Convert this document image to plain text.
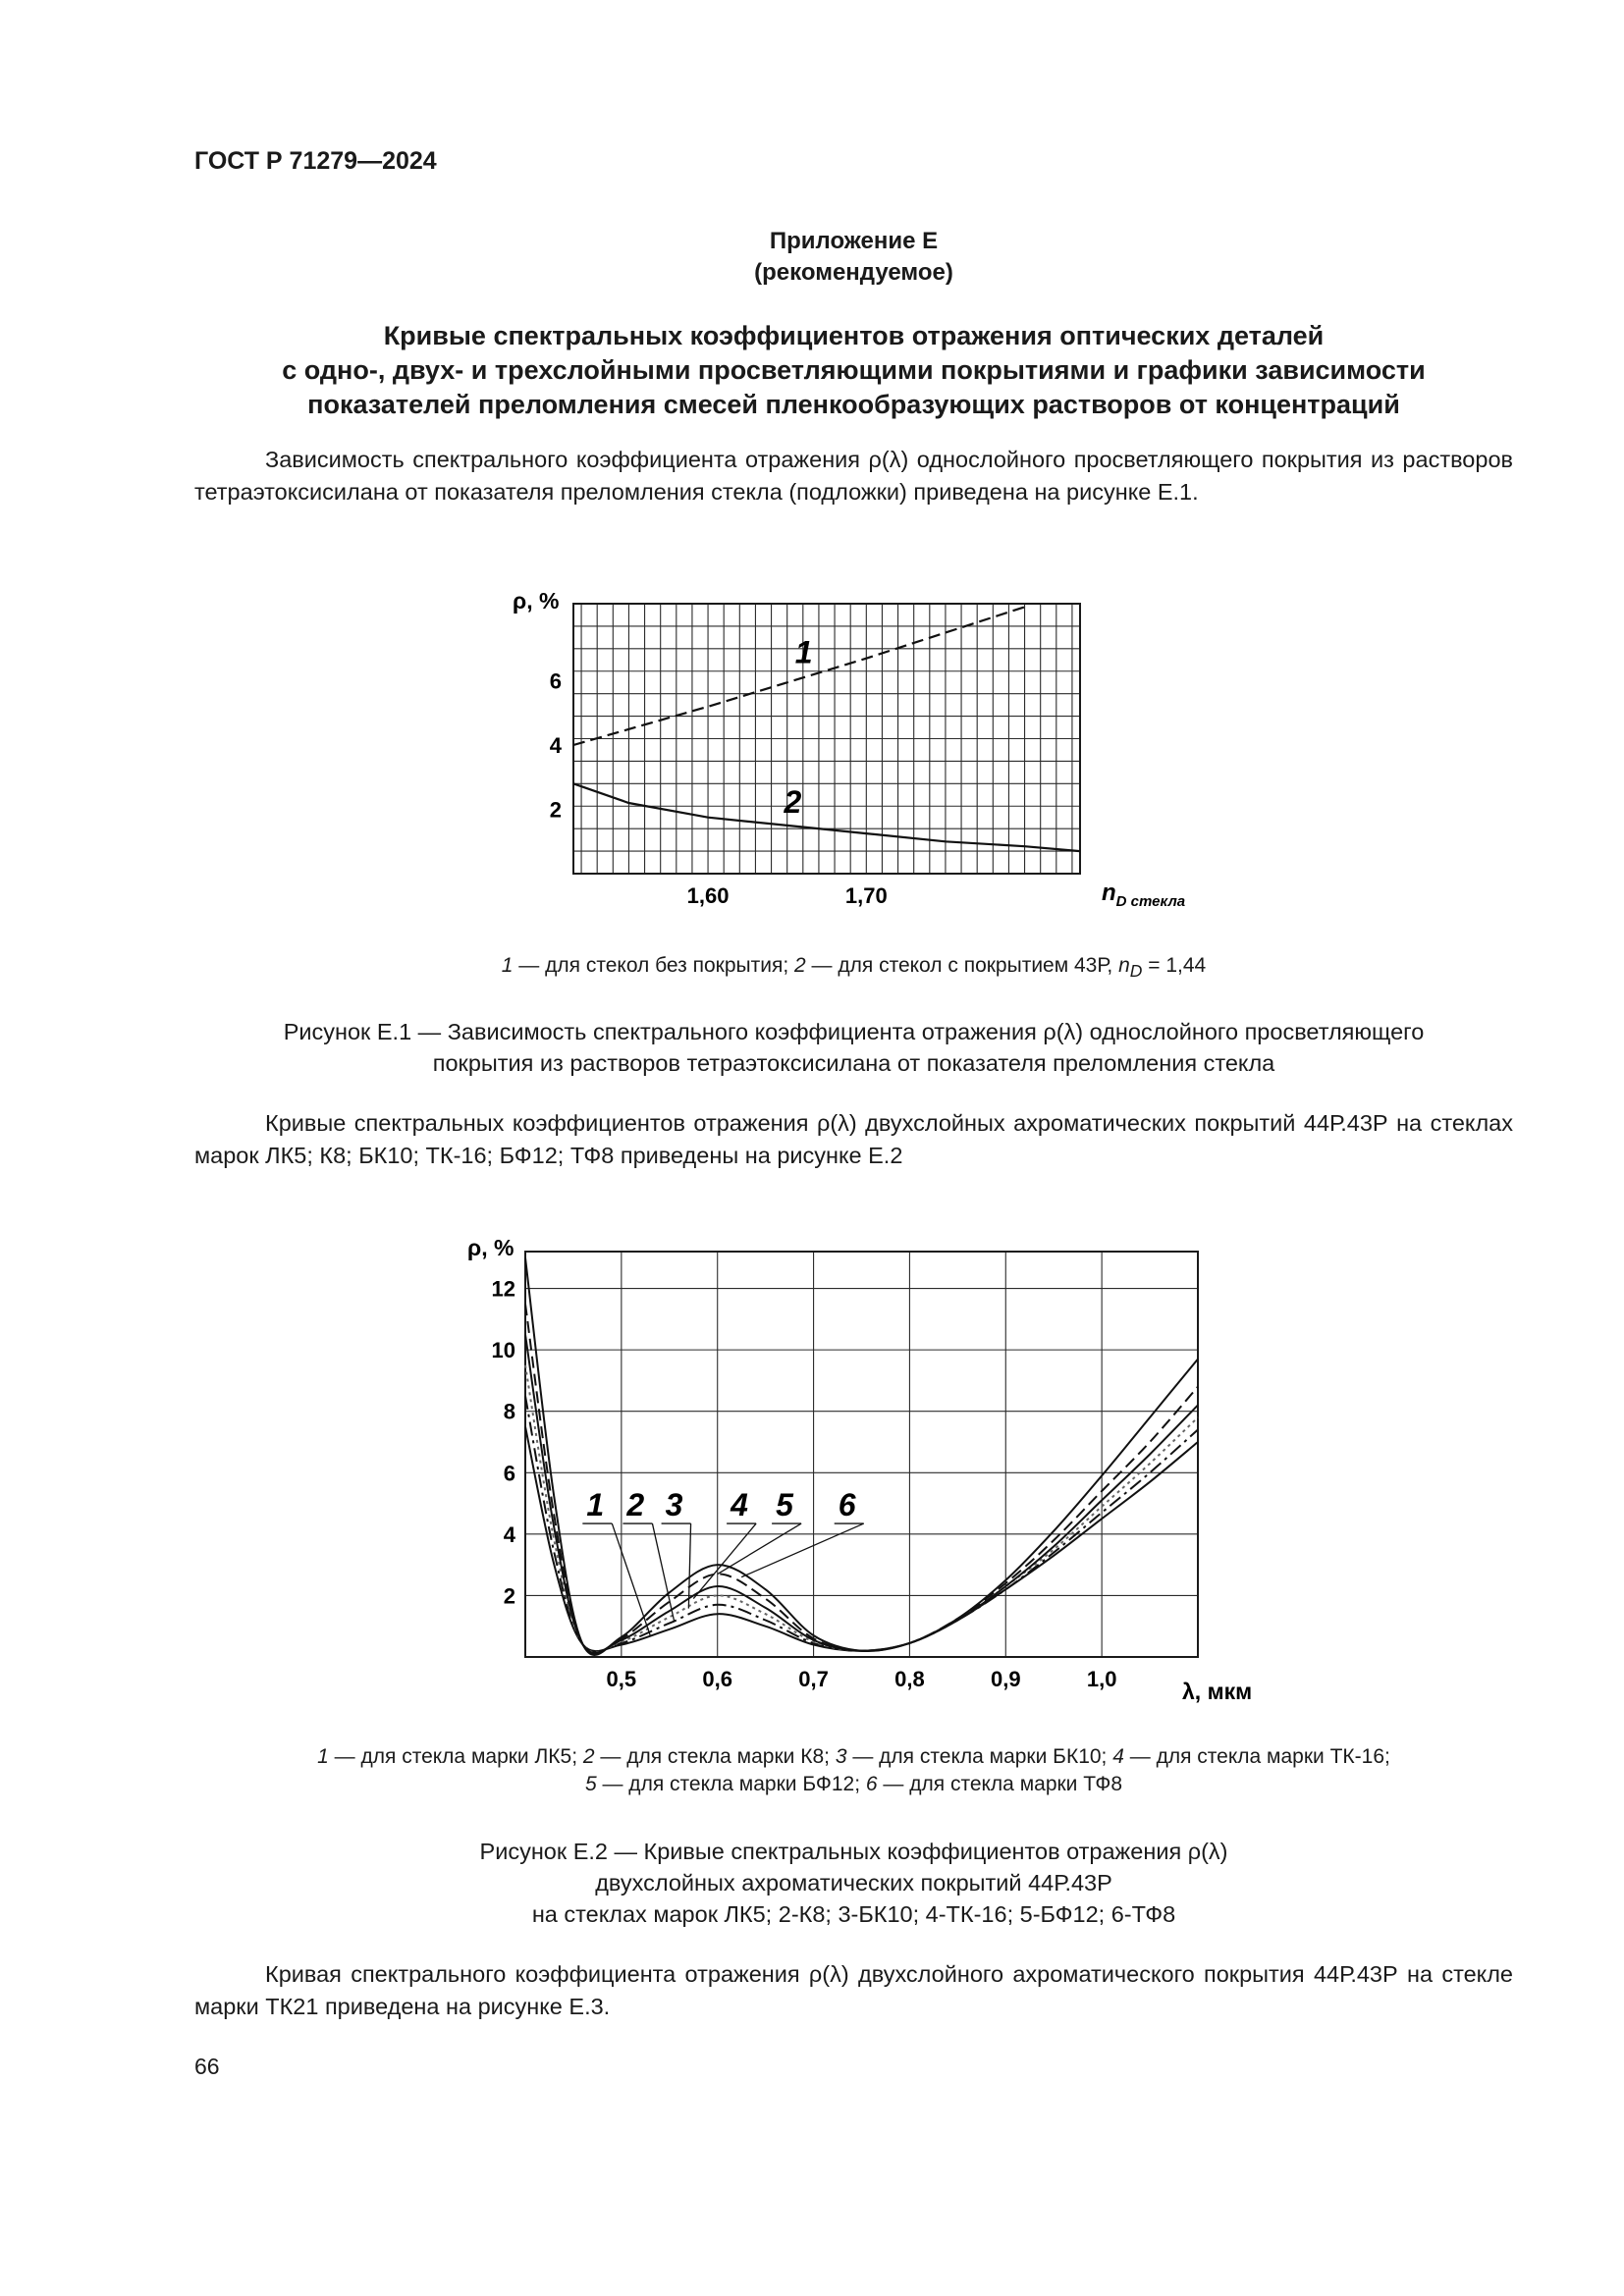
ГОСТ Р 71279—2024
Приложение Е
(рекомендуемое)
Кривые спектральных коэффициентов отражения оптических деталей
с одно-, двух- и трехслойными просветляющими покрытиями и графики зависимости
показателей преломления смесей пленкообразующих растворов от концентраций
Зависимость спектрального коэффициента отражения ρ(λ) однослойного просветляющего покрытия из растворов тетраэтоксисилана от показателя преломления стекла (подложки) приведена на рисунке Е.1.
2
4
6
1,60	1,70
ρ, %
$n_{D стекла}$
1
2
1 — для стекол без покрытия; 2 — для стекол с покрытием 43Р, $n_D = 1,44$
Рисунок Е.1 — Зависимость спектрального коэффициента отражения ρ(λ) однослойного просветляющего
покрытия из растворов тетраэтоксисилана от показателя преломления стекла
Кривые спектральных коэффициентов отражения ρ(λ) двухслойных ахроматических покрытий 44Р.43Р на стеклах марок ЛК5; К8; БК10; ТК-16; БФ12; ТФ8 приведены на рисунке Е.2
2
4
6
8
10
12
0,5	0,6	0,7	0,8	0,9	1,0
1 2 3 4 5 6
ρ, %
λ, мкм
1 — для стекла марки ЛК5; 2 — для стекла марки К8; 3 — для стекла марки БК10; 4 — для стекла марки ТК-16;
5 — для стекла марки БФ12; 6 — для стекла марки ТФ8
Рисунок Е.2 — Кривые спектральных коэффициентов отражения ρ(λ)
двухслойных ахроматических покрытий 44Р.43Р
на стеклах марок ЛК5; 2-К8; 3-БК10; 4-ТК-16; 5-БФ12; 6-ТФ8
Кривая спектрального коэффициента отражения ρ(λ) двухслойного ахроматического покрытия 44Р.43Р на стекле марки ТК21 приведена на рисунке Е.3.
66
